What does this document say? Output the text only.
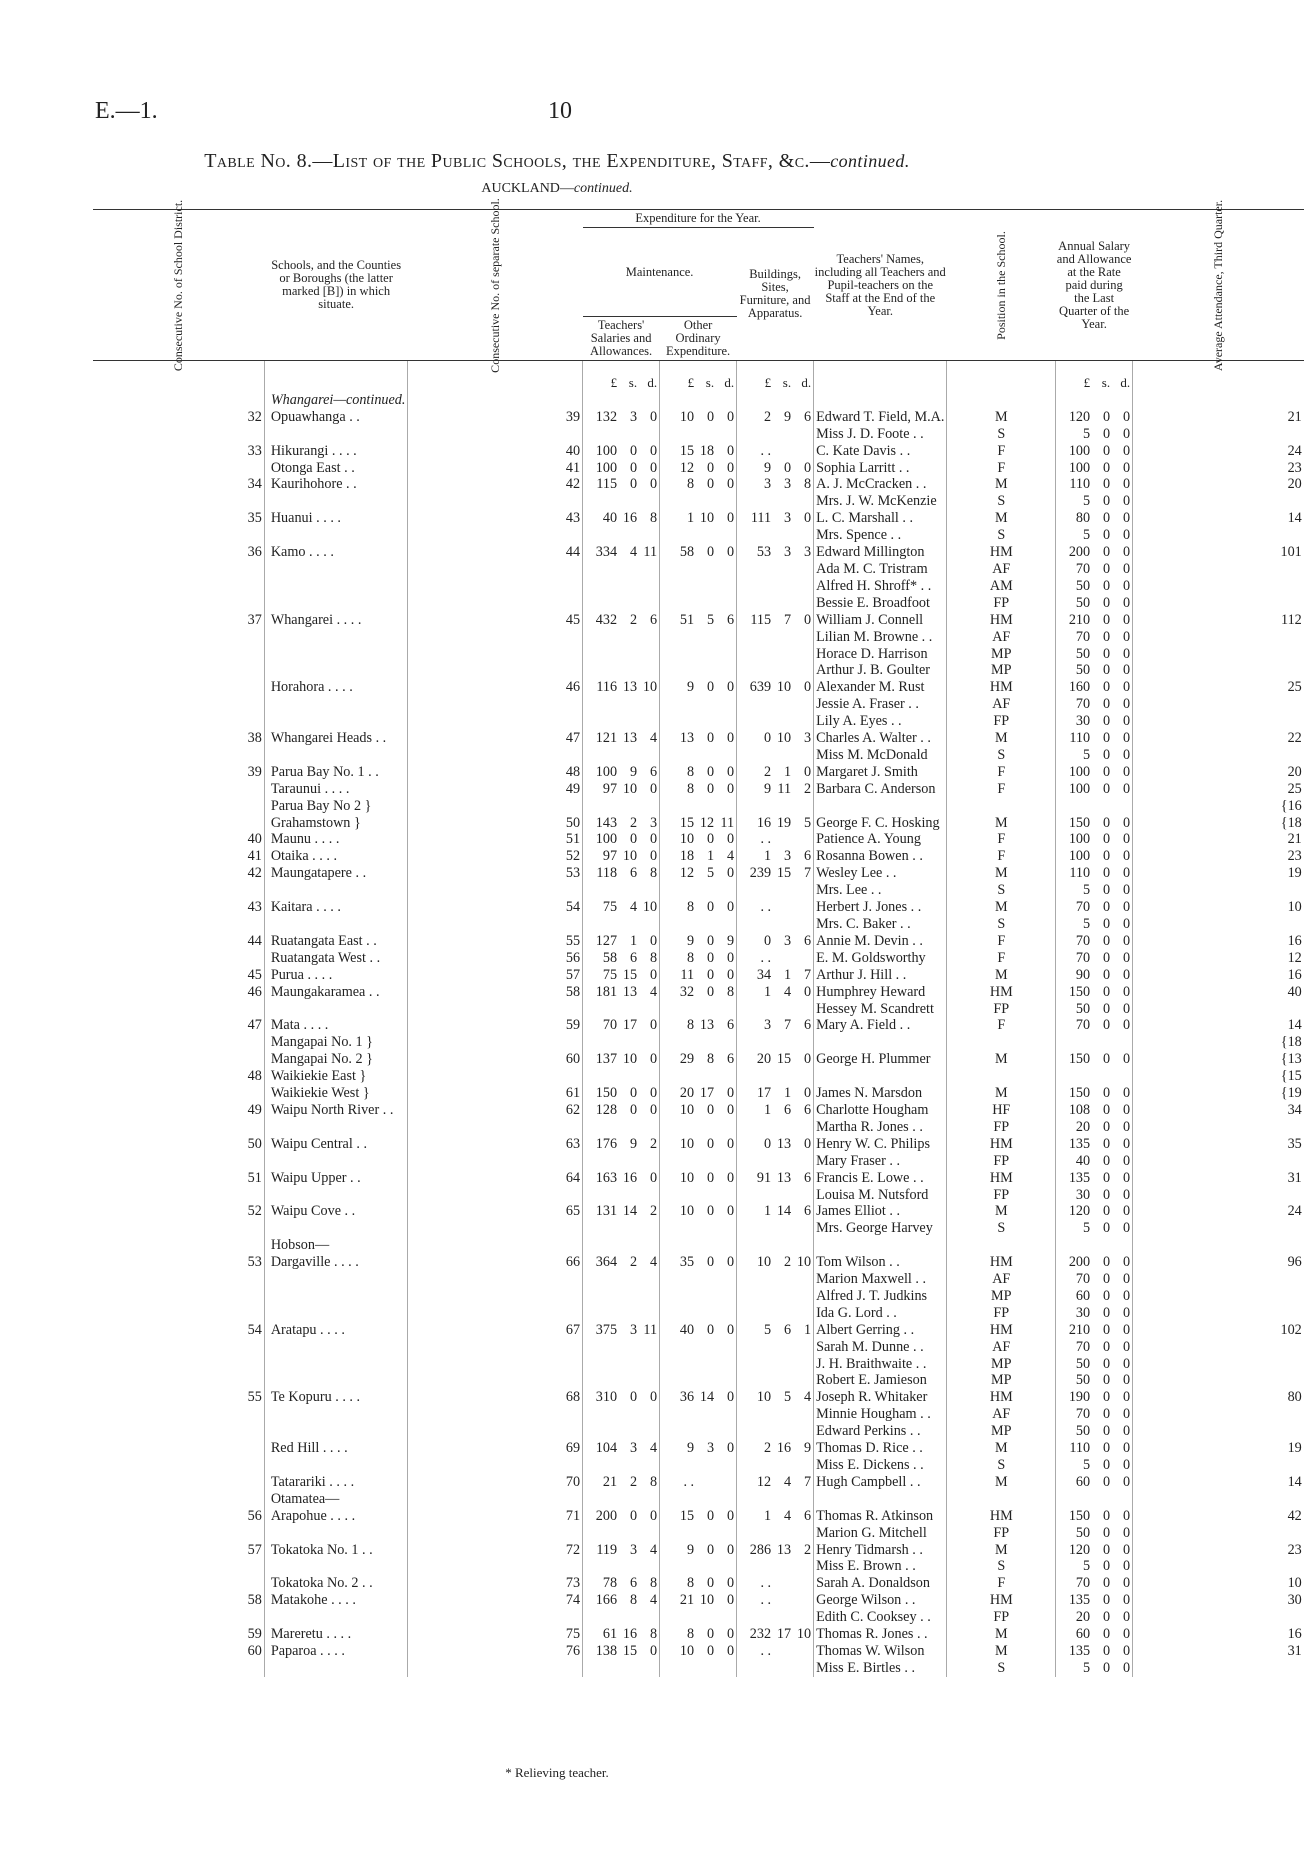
E.—1.	10
Table No. 8.—List of the Public Schools, the Expenditure, Staff, &c.—continued.
AUCKLAND—continued.
Consecutive No. of School District.	Schools, and the Counties or Boroughs (the latter marked [B]) in which situate.	Consecutive No. of separate School.	Expenditure for the Year.			Teachers' Names, including all Teachers and Pupil-teachers on the Staff at the End of the Year.	Position in the School.	Annual Salary and Allowance at the Rate paid during the Last Quarter of the Year.	Average Attendance, Third Quarter.
			Maintenance.		Buildings, Sites, Furniture, and Apparatus.				
			Teachers' Salaries and Allowances.	Other Ordinary Expenditure.					
			£ s. d.	£ s. d.	£ s. d.			£ s. d.	
	Whangarei—continued.								
32	Opuawhanga . .	39	132 3 0	10 0 0	2 9 6	Edward T. Field, M.A.	M	120 0 0	21
						Miss J. D. Foote . .	S	5 0 0	
33	Hikurangi . . . .	40	100 0 0	15 18 0	. .	C. Kate Davis . .	F	100 0 0	24
	Otonga East . .	41	100 0 0	12 0 0	9 0 0	Sophia Larritt . .	F	100 0 0	23
34	Kaurihohore . .	42	115 0 0	8 0 0	3 3 8	A. J. McCracken . .	M	110 0 0	20
						Mrs. J. W. McKenzie	S	5 0 0	
35	Huanui . . . .	43	40 16 8	1 10 0	111 3 0	L. C. Marshall . .	M	80 0 0	14
						Mrs. Spence . .	S	5 0 0	
36	Kamo . . . .	44	334 4 11	58 0 0	53 3 3	Edward Millington	HM	200 0 0	101
						Ada M. C. Tristram	AF	70 0 0	
						Alfred H. Shroff* . .	AM	50 0 0	
						Bessie E. Broadfoot	FP	50 0 0	
37	Whangarei . . . .	45	432 2 6	51 5 6	115 7 0	William J. Connell	HM	210 0 0	112
						Lilian M. Browne . .	AF	70 0 0	
						Horace D. Harrison	MP	50 0 0	
						Arthur J. B. Goulter	MP	50 0 0	
	Horahora . . . .	46	116 13 10	9 0 0	639 10 0	Alexander M. Rust	HM	160 0 0	25
						Jessie A. Fraser . .	AF	70 0 0	
						Lily A. Eyes . .	FP	30 0 0	
38	Whangarei Heads . .	47	121 13 4	13 0 0	0 10 3	Charles A. Walter . .	M	110 0 0	22
						Miss M. McDonald	S	5 0 0	
39	Parua Bay No. 1 . .	48	100 9 6	8 0 0	2 1 0	Margaret J. Smith	F	100 0 0	20
	Taraunui . . . .	49	97 10 0	8 0 0	9 11 2	Barbara C. Anderson	F	100 0 0	25
	Parua Bay No 2 }								{16
	Grahamstown }	50	143 2 3	15 12 11	16 19 5	George F. C. Hosking	M	150 0 0	{18
40	Maunu . . . .	51	100 0 0	10 0 0	. .	Patience A. Young	F	100 0 0	21
41	Otaika . . . .	52	97 10 0	18 1 4	1 3 6	Rosanna Bowen . .	F	100 0 0	23
42	Maungatapere . .	53	118 6 8	12 5 0	239 15 7	Wesley Lee . .	M	110 0 0	19
						Mrs. Lee . .	S	5 0 0	
43	Kaitara . . . .	54	75 4 10	8 0 0	. .	Herbert J. Jones . .	M	70 0 0	10
						Mrs. C. Baker . .	S	5 0 0	
44	Ruatangata East . .	55	127 1 0	9 0 9	0 3 6	Annie M. Devin . .	F	70 0 0	16
	Ruatangata West . .	56	58 6 8	8 0 0	. .	E. M. Goldsworthy	F	70 0 0	12
45	Purua . . . .	57	75 15 0	11 0 0	34 1 7	Arthur J. Hill . .	M	90 0 0	16
46	Maungakaramea . .	58	181 13 4	32 0 8	1 4 0	Humphrey Heward	HM	150 0 0	40
						Hessey M. Scandrett	FP	50 0 0	
47	Mata . . . .	59	70 17 0	8 13 6	3 7 6	Mary A. Field . .	F	70 0 0	14
	Mangapai No. 1 }								{18
	Mangapai No. 2 }	60	137 10 0	29 8 6	20 15 0	George H. Plummer	M	150 0 0	{13
48	Waikiekie East }								{15
	Waikiekie West }	61	150 0 0	20 17 0	17 1 0	James N. Marsdon	M	150 0 0	{19
49	Waipu North River . .	62	128 0 0	10 0 0	1 6 6	Charlotte Hougham	HF	108 0 0	34
						Martha R. Jones . .	FP	20 0 0	
50	Waipu Central . .	63	176 9 2	10 0 0	0 13 0	Henry W. C. Philips	HM	135 0 0	35
						Mary Fraser . .	FP	40 0 0	
51	Waipu Upper . .	64	163 16 0	10 0 0	91 13 6	Francis E. Lowe . .	HM	135 0 0	31
						Louisa M. Nutsford	FP	30 0 0	
52	Waipu Cove . .	65	131 14 2	10 0 0	1 14 6	James Elliot . .	M	120 0 0	24
						Mrs. George Harvey	S	5 0 0	
	Hobson—								
53	Dargaville . . . .	66	364 2 4	35 0 0	10 2 10	Tom Wilson . .	HM	200 0 0	96
						Marion Maxwell . .	AF	70 0 0	
						Alfred J. T. Judkins	MP	60 0 0	
						Ida G. Lord . .	FP	30 0 0	
54	Aratapu . . . .	67	375 3 11	40 0 0	5 6 1	Albert Gerring . .	HM	210 0 0	102
						Sarah M. Dunne . .	AF	70 0 0	
						J. H. Braithwaite . .	MP	50 0 0	
						Robert E. Jamieson	MP	50 0 0	
55	Te Kopuru . . . .	68	310 0 0	36 14 0	10 5 4	Joseph R. Whitaker	HM	190 0 0	80
						Minnie Hougham . .	AF	70 0 0	
						Edward Perkins . .	MP	50 0 0	
	Red Hill . . . .	69	104 3 4	9 3 0	2 16 9	Thomas D. Rice . .	M	110 0 0	19
						Miss E. Dickens . .	S	5 0 0	
	Tatarariki . . . .	70	21 2 8	. .	12 4 7	Hugh Campbell . .	M	60 0 0	14
	Otamatea—								
56	Arapohue . . . .	71	200 0 0	15 0 0	1 4 6	Thomas R. Atkinson	HM	150 0 0	42
						Marion G. Mitchell	FP	50 0 0	
57	Tokatoka No. 1 . .	72	119 3 4	9 0 0	286 13 2	Henry Tidmarsh . .	M	120 0 0	23
						Miss E. Brown . .	S	5 0 0	
	Tokatoka No. 2 . .	73	78 6 8	8 0 0	. .	Sarah A. Donaldson	F	70 0 0	10
58	Matakohe . . . .	74	166 8 4	21 10 0	. .	George Wilson . .	HM	135 0 0	30
						Edith C. Cooksey . .	FP	20 0 0	
59	Mareretu . . . .	75	61 16 8	8 0 0	232 17 10	Thomas R. Jones . .	M	60 0 0	16
60	Paparoa . . . .	76	138 15 0	10 0 0	. .	Thomas W. Wilson	M	135 0 0	31
						Miss E. Birtles . .	S	5 0 0	
* Relieving teacher.
